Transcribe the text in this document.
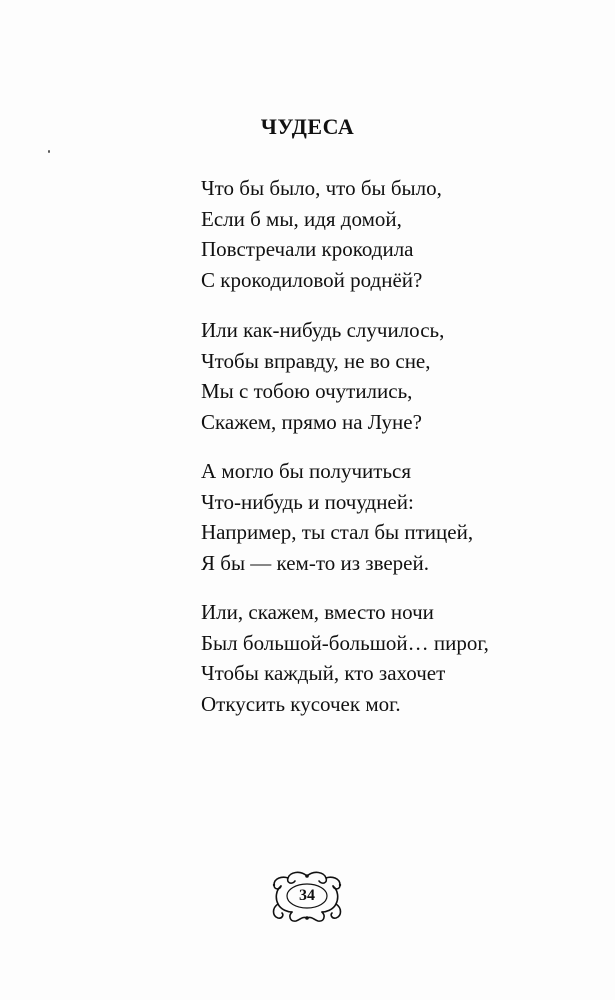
ЧУДЕСА
Что бы было, что бы было,
Если б мы, идя домой,
Повстречали крокодила
С крокодиловой роднёй?
Или как-нибудь случилось,
Чтобы вправду, не во сне,
Мы с тобою очутились,
Скажем, прямо на Луне?
А могло бы получиться
Что-нибудь и почудней:
Например, ты стал бы птицей,
Я бы — кем-то из зверей.
Или, скажем, вместо ночи
Был большой-большой… пирог,
Чтобы каждый, кто захочет
Откусить кусочек мог.
34
